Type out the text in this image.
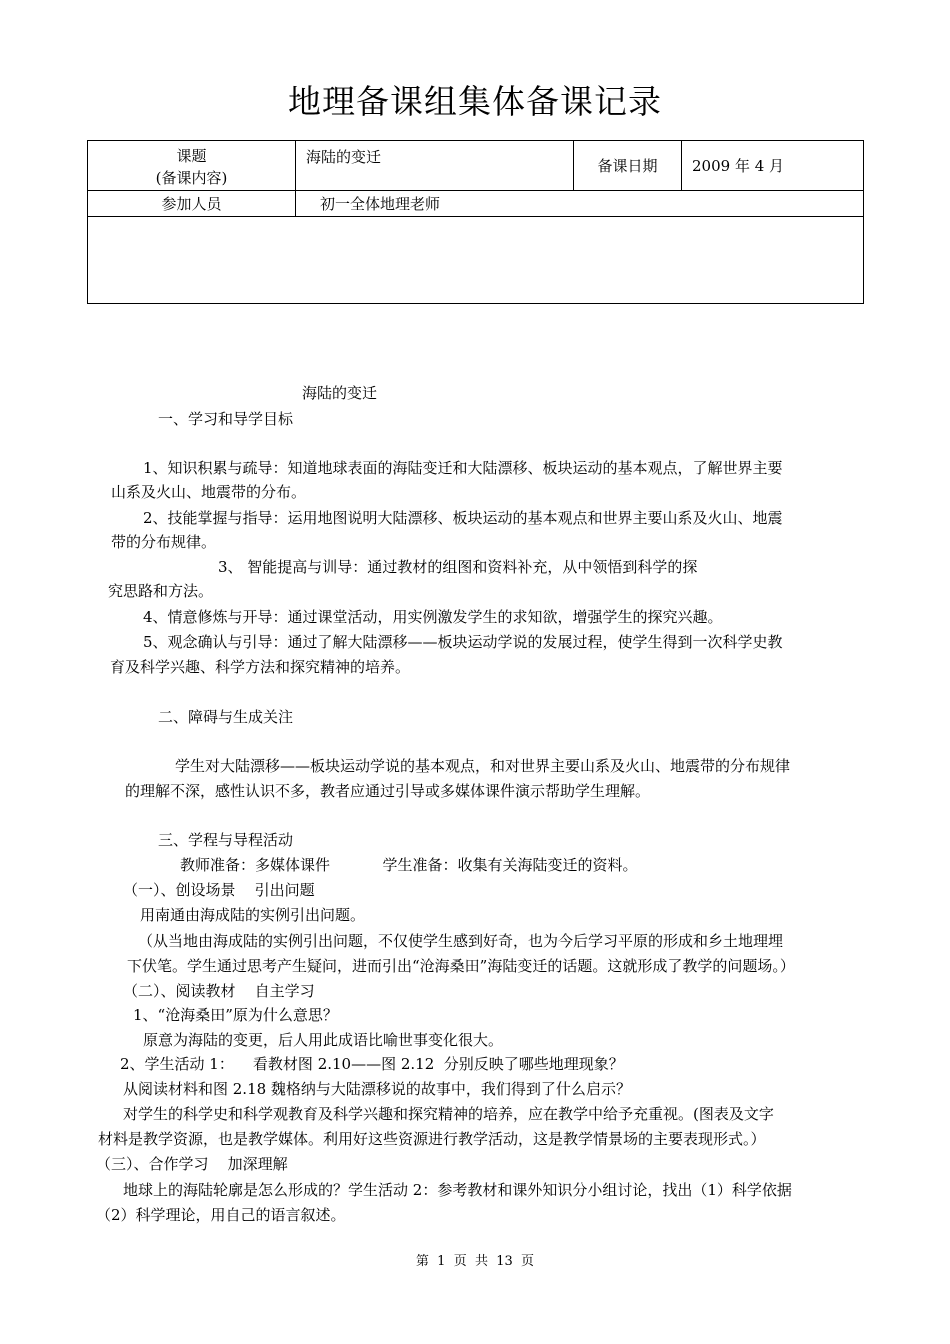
地理备课组集体备课记录
课题
(备课内容)	海陆的变迁	备课日期	2009 年 4 月
参加人员	初一全体地理老师		

海陆的变迁
一、学习和导学目标
1、知识积累与疏导：知道地球表面的海陆变迁和大陆漂移、板块运动的基本观点，了解世界主要
山系及火山、地震带的分布。
2、技能掌握与指导：运用地图说明大陆漂移、板块运动的基本观点和世界主要山系及火山、地震
带的分布规律。
3、 智能提高与训导：通过教材的组图和资料补充，从中领悟到科学的探
究思路和方法。
4、情意修炼与开导：通过课堂活动，用实例激发学生的求知欲，增强学生的探究兴趣。
5、观念确认与引导：通过了解大陆漂移——板块运动学说的发展过程，使学生得到一次科学史教
育及科学兴趣、科学方法和探究精神的培养。
二、障碍与生成关注
学生对大陆漂移——板块运动学说的基本观点，和对世界主要山系及火山、地震带的分布规律
的理解不深，感性认识不多，教者应通过引导或多媒体课件演示帮助学生理解。
三、学程与导程活动
教师准备：多媒体课件           学生准备：收集有关海陆变迁的资料。
（一）、创设场景    引出问题
用南通由海成陆的实例引出问题。
（从当地由海成陆的实例引出问题，不仅使学生感到好奇，也为今后学习平原的形成和乡土地理埋
下伏笔。学生通过思考产生疑问，进而引出“沧海桑田”海陆变迁的话题。这就形成了教学的问题场。）
（二）、阅读教材    自主学习
1、“沧海桑田”原为什么意思？
原意为海陆的变更，后人用此成语比喻世事变化很大。
2、学生活动 1：    看教材图 2.10——图 2.12  分别反映了哪些地理现象？
从阅读材料和图 2.18 魏格纳与大陆漂移说的故事中，我们得到了什么启示？
对学生的科学史和科学观教育及科学兴趣和探究精神的培养，应在教学中给予充重视。(图表及文字
材料是教学资源，也是教学媒体。利用好这些资源进行教学活动，这是教学情景场的主要表现形式。）
（三）、合作学习    加深理解
地球上的海陆轮廓是怎么形成的？学生活动 2：参考教材和课外知识分小组讨论，找出（1）科学依据
（2）科学理论，用自己的语言叙述。
第  1  页  共  13  页
